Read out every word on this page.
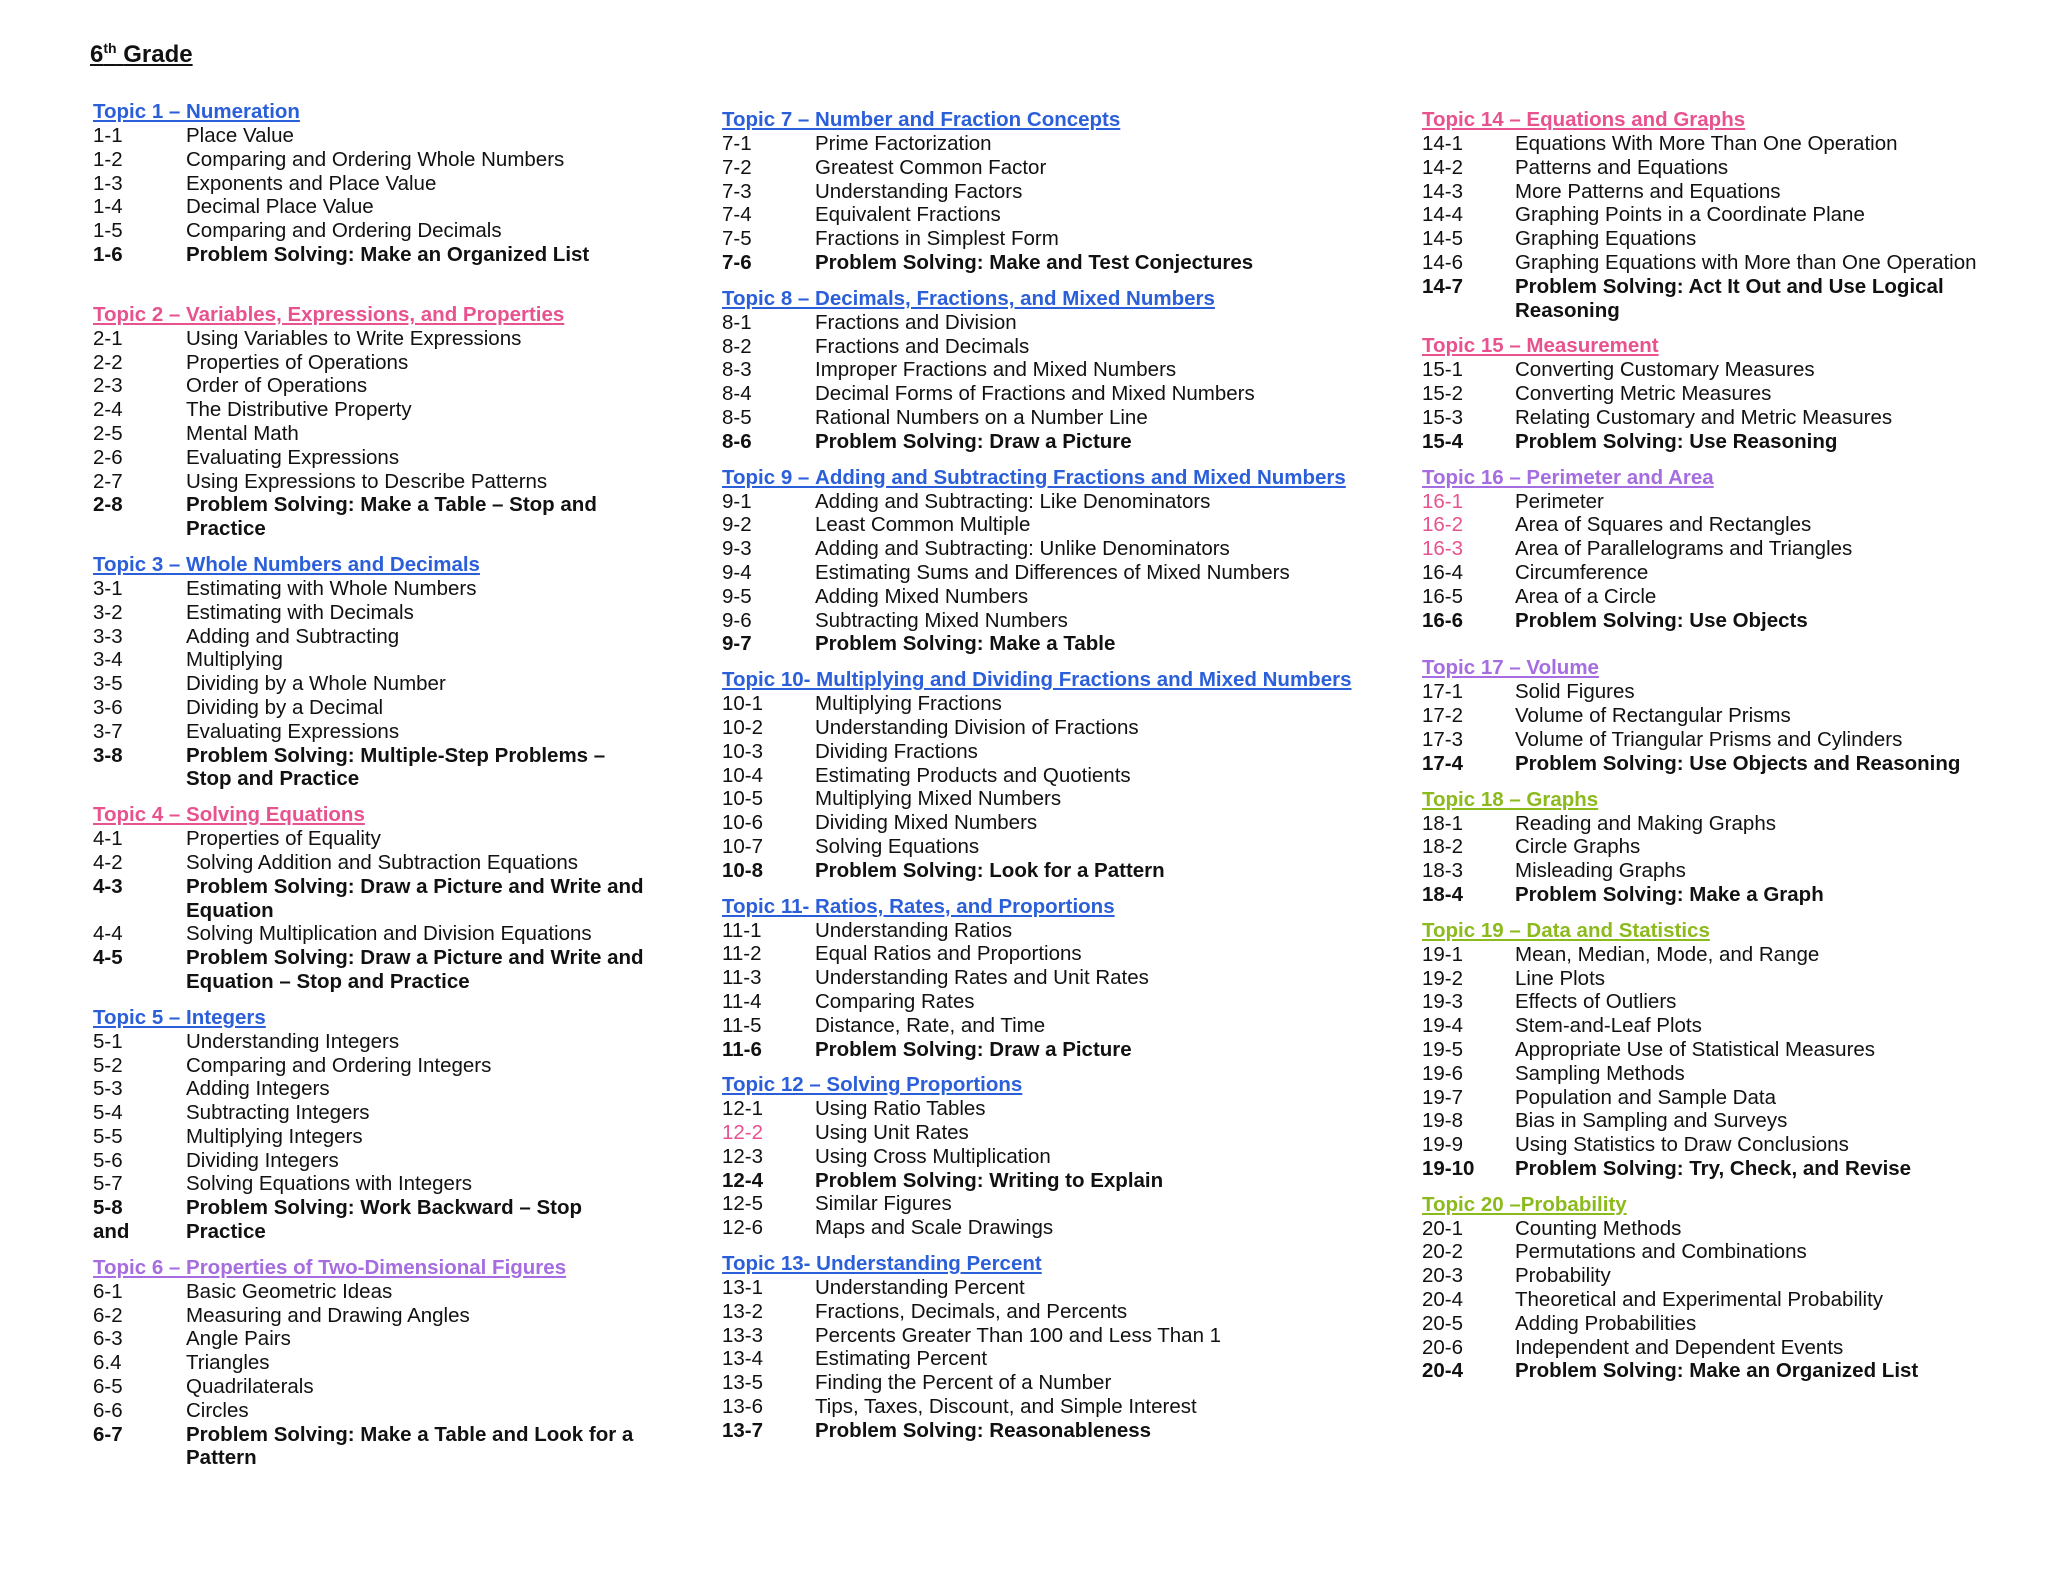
6th Grade
Topic 1 – Numeration
1-1	Place Value
1-2	Comparing and Ordering Whole Numbers
1-3	Exponents and Place Value
1-4	Decimal Place Value
1-5	Comparing and Ordering Decimals
1-6	Problem Solving: Make an Organized List
Topic 2 – Variables, Expressions, and Properties
2-1	Using Variables to Write Expressions
2-2	Properties of Operations
2-3	Order of Operations
2-4	The Distributive Property
2-5	Mental Math
2-6	Evaluating Expressions
2-7	Using Expressions to Describe Patterns
2-8	Problem Solving: Make a Table – Stop and Practice
Topic 3 – Whole Numbers and Decimals
3-1	Estimating with Whole Numbers
3-2	Estimating with Decimals
3-3	Adding and Subtracting
3-4	Multiplying
3-5	Dividing by a Whole Number
3-6	Dividing by a Decimal
3-7	Evaluating Expressions
3-8	Problem Solving: Multiple-Step Problems – Stop and Practice
Topic 4 – Solving Equations
4-1	Properties of Equality
4-2	Solving Addition and Subtraction Equations
4-3	Problem Solving: Draw a Picture and Write and Equation
4-4	Solving Multiplication and Division Equations
4-5	Problem Solving: Draw a Picture and Write and Equation – Stop and Practice
Topic 5 – Integers
5-1	Understanding Integers
5-2	Comparing and Ordering Integers
5-3	Adding Integers
5-4	Subtracting Integers
5-5	Multiplying Integers
5-6	Dividing Integers
5-7	Solving Equations with Integers
5-8	Problem Solving: Work Backward – Stop
and	Practice
Topic 6 – Properties of Two-Dimensional Figures
6-1	Basic Geometric Ideas
6-2	Measuring and Drawing Angles
6-3	Angle Pairs
6.4	Triangles
6-5	Quadrilaterals
6-6	Circles
6-7	Problem Solving: Make a Table and Look for a Pattern
Topic 7 – Number and Fraction Concepts
7-1	Prime Factorization
7-2	Greatest Common Factor
7-3	Understanding Factors
7-4	Equivalent Fractions
7-5	Fractions in Simplest Form
7-6	Problem Solving: Make and Test Conjectures
Topic 8 – Decimals, Fractions, and Mixed Numbers
8-1	Fractions and Division
8-2	Fractions and Decimals
8-3	Improper Fractions and Mixed Numbers
8-4	Decimal Forms of Fractions and Mixed Numbers
8-5	Rational Numbers on a Number Line
8-6	Problem Solving: Draw a Picture
Topic 9 – Adding and Subtracting Fractions and Mixed Numbers
9-1	Adding and Subtracting: Like Denominators
9-2	Least Common Multiple
9-3	Adding and Subtracting: Unlike Denominators
9-4	Estimating Sums and Differences of Mixed Numbers
9-5	Adding Mixed Numbers
9-6	Subtracting Mixed Numbers
9-7	Problem Solving: Make a Table
Topic 10- Multiplying and Dividing Fractions and Mixed Numbers
10-1	Multiplying Fractions
10-2	Understanding Division of Fractions
10-3	Dividing Fractions
10-4	Estimating Products and Quotients
10-5	Multiplying Mixed Numbers
10-6	Dividing Mixed Numbers
10-7	Solving Equations
10-8	Problem Solving: Look for a Pattern
Topic 11- Ratios, Rates, and Proportions
11-1	Understanding Ratios
11-2	Equal Ratios and Proportions
11-3	Understanding Rates and Unit Rates
11-4	Comparing Rates
11-5	Distance, Rate, and Time
11-6	Problem Solving: Draw a Picture
Topic 12 – Solving Proportions
12-1	Using Ratio Tables
12-2	Using Unit Rates
12-3	Using Cross Multiplication
12-4	Problem Solving: Writing to Explain
12-5	Similar Figures
12-6	Maps and Scale Drawings
Topic 13- Understanding Percent
13-1	Understanding Percent
13-2	Fractions, Decimals, and Percents
13-3	Percents Greater Than 100 and Less Than 1
13-4	Estimating Percent
13-5	Finding the Percent of a Number
13-6	Tips, Taxes, Discount, and Simple Interest
13-7	Problem Solving: Reasonableness
Topic 14 – Equations and Graphs
14-1	Equations With More Than One Operation
14-2	Patterns and Equations
14-3	More Patterns and Equations
14-4	Graphing Points in a Coordinate Plane
14-5	Graphing Equations
14-6	Graphing Equations with More than One Operation
14-7	Problem Solving: Act It Out and Use Logical Reasoning
Topic 15 – Measurement
15-1	Converting Customary Measures
15-2	Converting Metric Measures
15-3	Relating Customary and Metric Measures
15-4	Problem Solving: Use Reasoning
Topic 16 – Perimeter and Area
16-1	Perimeter
16-2	Area of Squares and Rectangles
16-3	Area of Parallelograms and Triangles
16-4	Circumference
16-5	Area of a Circle
16-6	Problem Solving: Use Objects
Topic 17 – Volume
17-1	Solid Figures
17-2	Volume of Rectangular Prisms
17-3	Volume of Triangular Prisms and Cylinders
17-4	Problem Solving: Use Objects and Reasoning
Topic 18 – Graphs
18-1	Reading and Making Graphs
18-2	Circle Graphs
18-3	Misleading Graphs
18-4	Problem Solving: Make a Graph
Topic 19 – Data and Statistics
19-1	Mean, Median, Mode, and Range
19-2	Line Plots
19-3	Effects of Outliers
19-4	Stem-and-Leaf Plots
19-5	Appropriate Use of Statistical Measures
19-6	Sampling Methods
19-7	Population and Sample Data
19-8	Bias in Sampling and Surveys
19-9	Using Statistics to Draw Conclusions
19-10	Problem Solving: Try, Check, and Revise
Topic 20 –Probability
20-1	Counting Methods
20-2	Permutations and Combinations
20-3	Probability
20-4	Theoretical and Experimental Probability
20-5	Adding Probabilities
20-6	Independent and Dependent Events
20-4	Problem Solving: Make an Organized List
